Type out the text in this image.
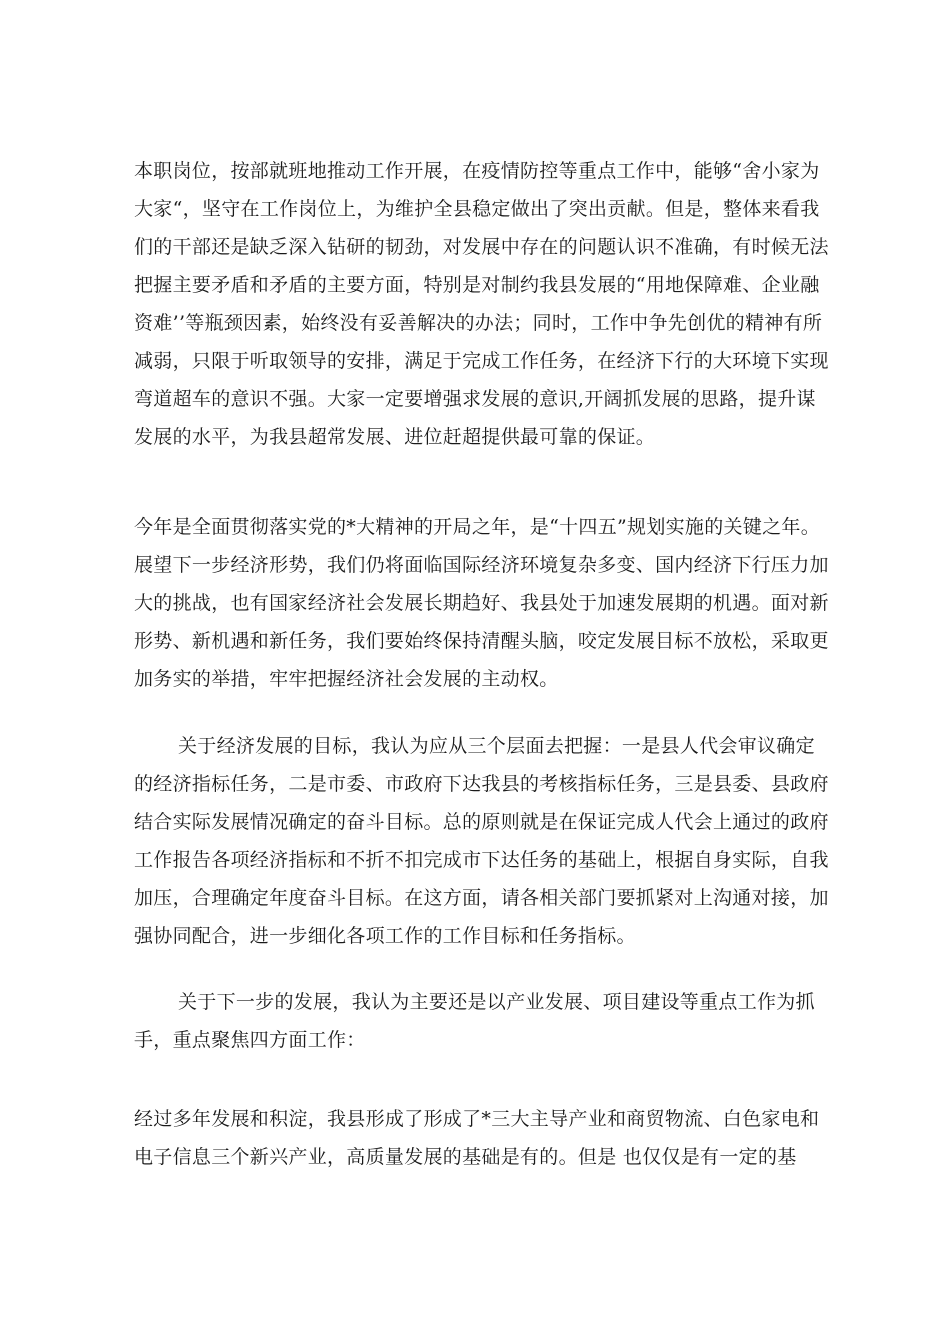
本职岗位，按部就班地推动工作开展，在疫情防控等重点工作中，能够“舍小家为
大家“，坚守在工作岗位上，为维护全县稳定做出了突出贡献。但是，整体来看我
们的干部还是缺乏深入钻研的韧劲，对发展中存在的问题认识不准确，有时候无法
把握主要矛盾和矛盾的主要方面，特别是对制约我县发展的“用地保障难、企业融
资难’’等瓶颈因素，始终没有妥善解决的办法；同时，工作中争先创优的精神有所
减弱，只限于听取领导的安排，满足于完成工作任务，在经济下行的大环境下实现
弯道超车的意识不强。大家一定要增强求发展的意识,开阔抓发展的思路，提升谋
发展的水平，为我县超常发展、进位赶超提供最可靠的保证。
今年是全面贯彻落实党的*大精神的开局之年，是“十四五”规划实施的关键之年。
展望下一步经济形势，我们仍将面临国际经济环境复杂多变、国内经济下行压力加
大的挑战，也有国家经济社会发展长期趋好、我县处于加速发展期的机遇。面对新
形势、新机遇和新任务，我们要始终保持清醒头脑，咬定发展目标不放松，采取更
加务实的举措，牢牢把握经济社会发展的主动权。
关于经济发展的目标，我认为应从三个层面去把握：一是县人代会审议确定
的经济指标任务，二是市委、市政府下达我县的考核指标任务，三是县委、县政府
结合实际发展情况确定的奋斗目标。总的原则就是在保证完成人代会上通过的政府
工作报告各项经济指标和不折不扣完成市下达任务的基础上，根据自身实际，自我
加压，合理确定年度奋斗目标。在这方面，请各相关部门要抓紧对上沟通对接，加
强协同配合，进一步细化各项工作的工作目标和任务指标。
关于下一步的发展，我认为主要还是以产业发展、项目建设等重点工作为抓
手，重点聚焦四方面工作：
经过多年发展和积淀，我县形成了形成了*三大主导产业和商贸物流、白色家电和
电子信息三个新兴产业，高质量发展的基础是有的。但是 也仅仅是有一定的基
